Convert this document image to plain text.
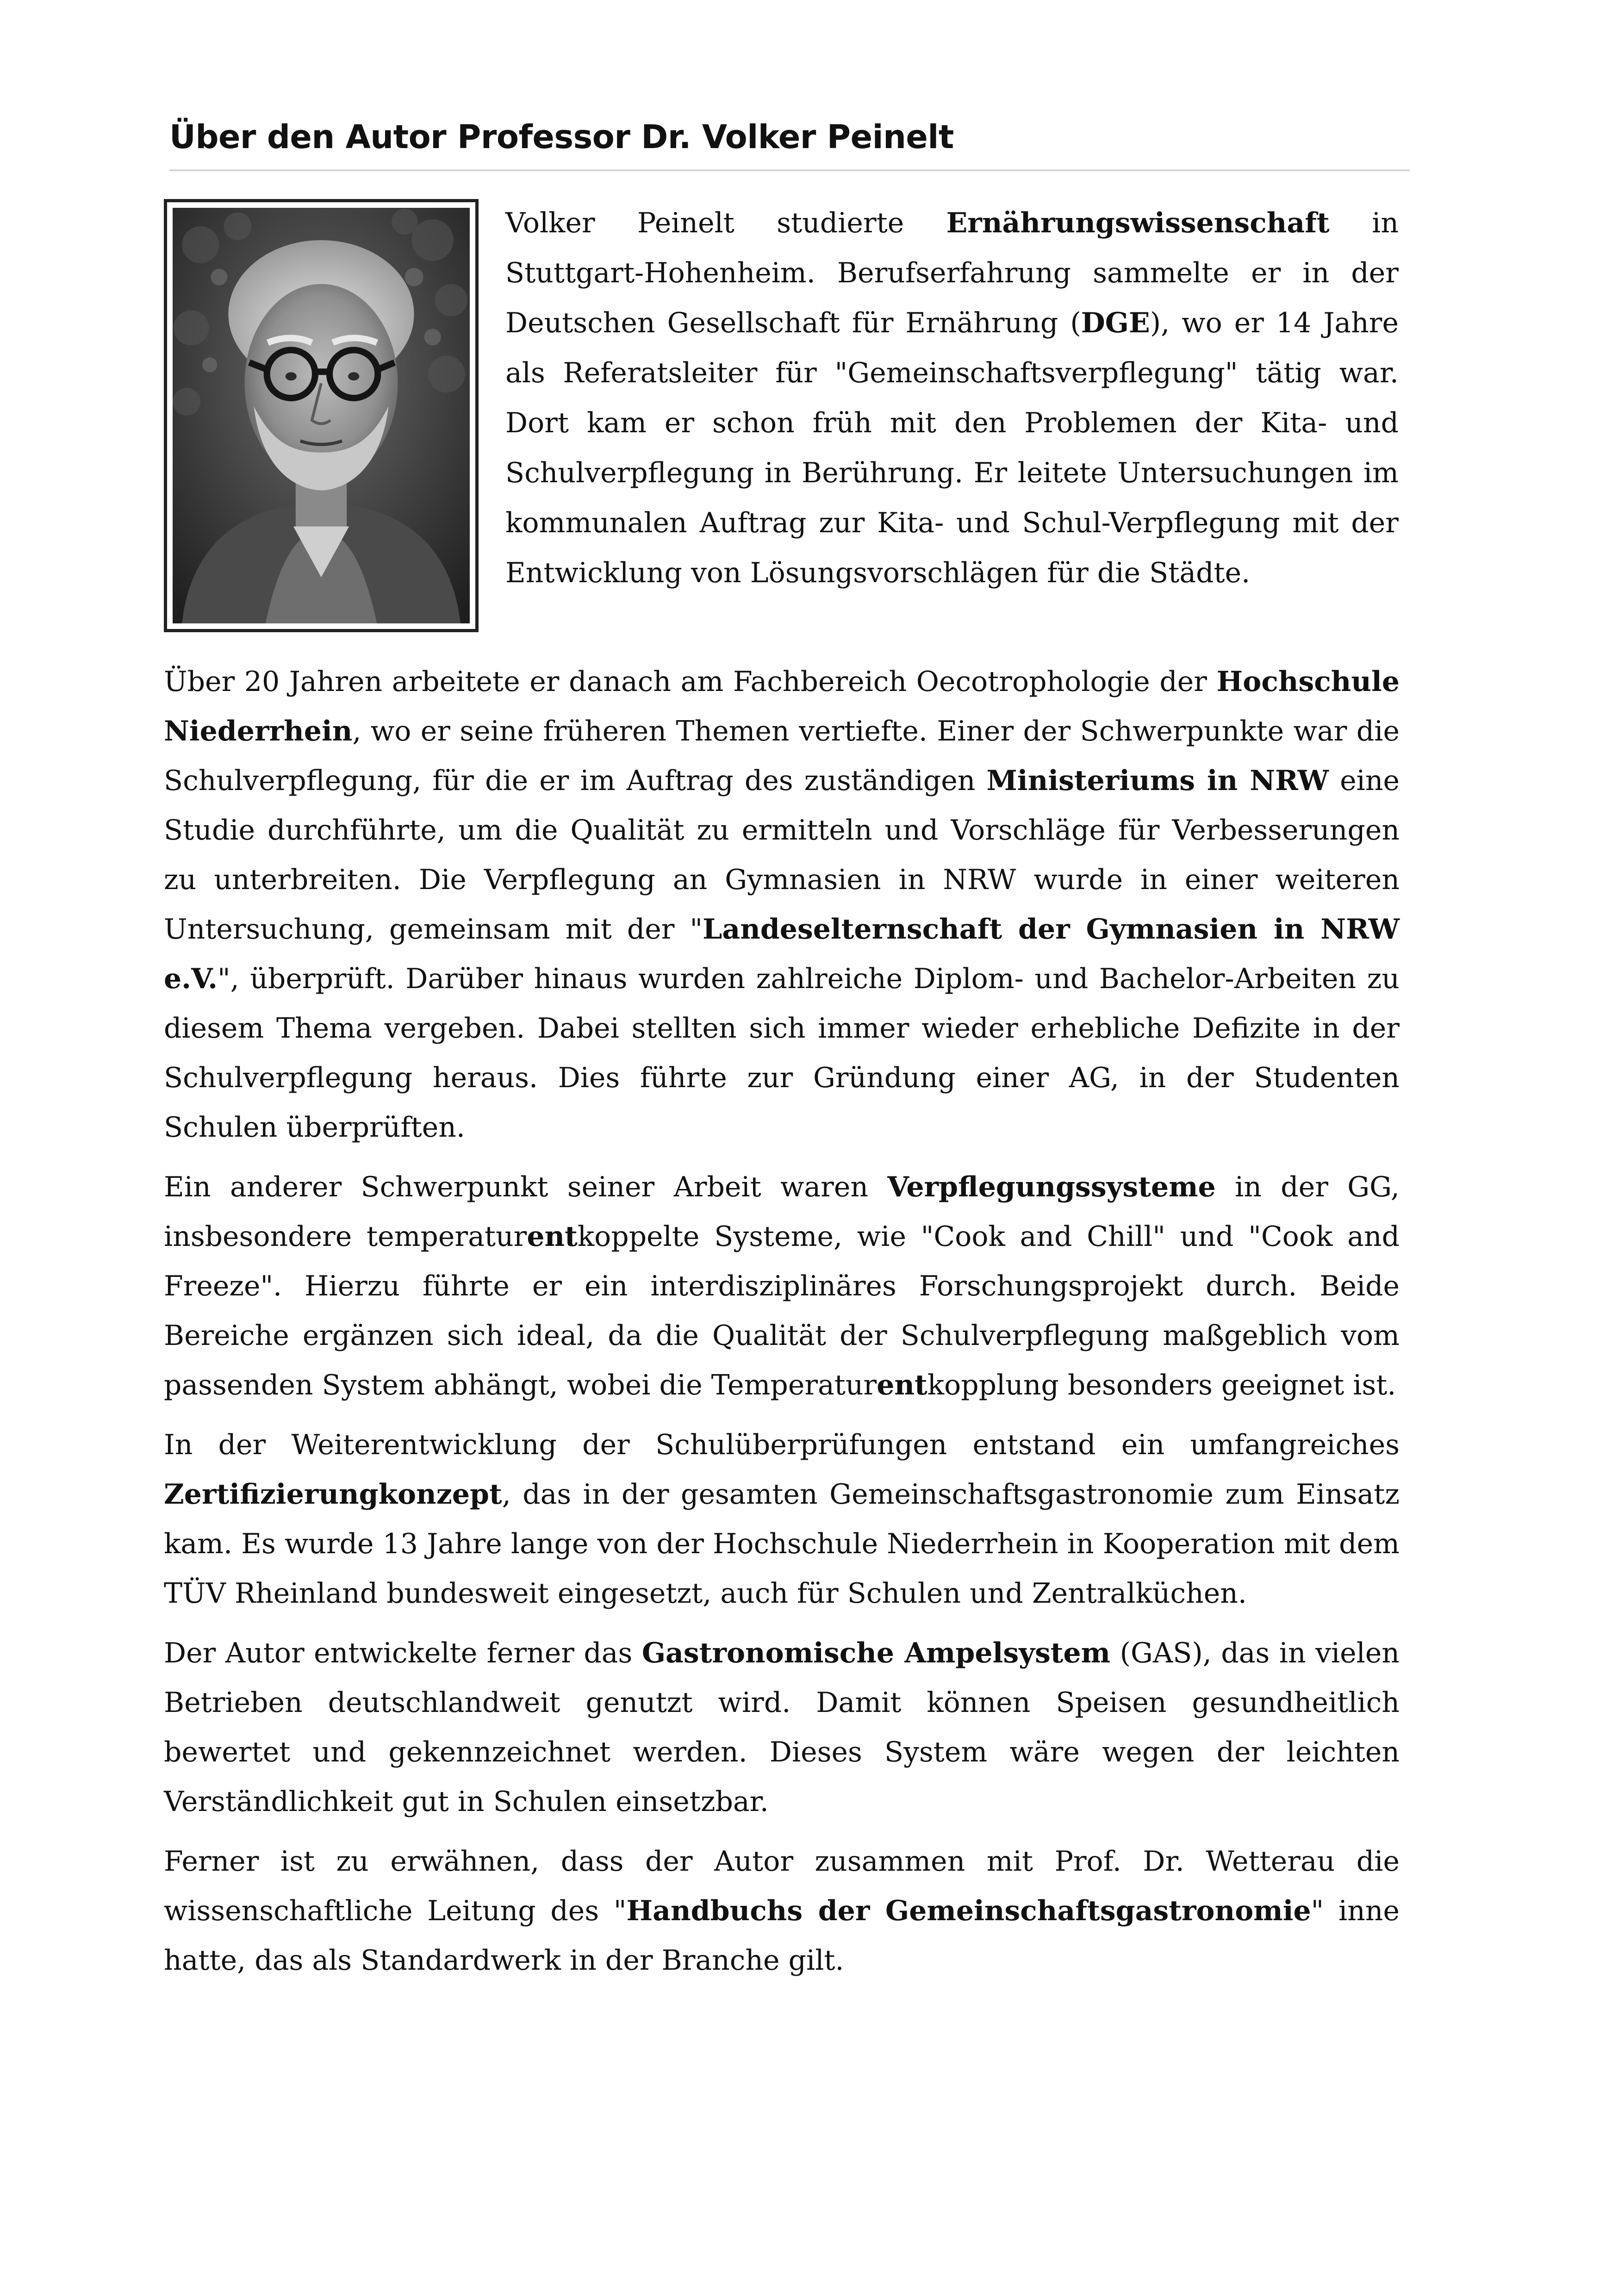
Über den Autor Professor Dr. Volker Peinelt

Volker Peinelt studierte Ernährungswissenschaft in Stuttgart-Hohenheim. Berufserfahrung sammelte er in der Deutschen Gesellschaft für Ernährung (DGE), wo er 14 Jahre als Referatsleiter für "Gemeinschaftsverpflegung" tätig war. Dort kam er schon früh mit den Problemen der Kita- und Schulverpflegung in Berührung. Er leitete Untersuchungen im kommunalen Auftrag zur Kita- und Schul-Verpflegung mit der Entwicklung von Lösungsvorschlägen für die Städte.

Über 20 Jahren arbeitete er danach am Fachbereich Oecotrophologie der Hochschule Niederrhein, wo er seine früheren Themen vertiefte. Einer der Schwerpunkte war die Schulverpflegung, für die er im Auftrag des zuständigen Ministeriums in NRW eine Studie durchführte, um die Qualität zu ermitteln und Vorschläge für Verbesserungen zu unterbreiten. Die Verpflegung an Gymnasien in NRW wurde in einer weiteren Untersuchung, gemeinsam mit der "Landeselternschaft der Gymnasien in NRW e.V.", überprüft. Darüber hinaus wurden zahlreiche Diplom- und Bachelor-Arbeiten zu diesem Thema vergeben. Dabei stellten sich immer wieder erhebliche Defizite in der Schulverpflegung heraus. Dies führte zur Gründung einer AG, in der Studenten Schulen überprüften.

Ein anderer Schwerpunkt seiner Arbeit waren Verpflegungssysteme in der GG, insbesondere temperaturentkoppelte Systeme, wie "Cook and Chill" und "Cook and Freeze". Hierzu führte er ein interdisziplinäres Forschungsprojekt durch. Beide Bereiche ergänzen sich ideal, da die Qualität der Schulverpflegung maßgeblich vom passenden System abhängt, wobei die Temperaturentkopplung besonders geeignet ist.

In der Weiterentwicklung der Schulüberprüfungen entstand ein umfangreiches Zertifizierungkonzept, das in der gesamten Gemeinschaftsgastronomie zum Einsatz kam. Es wurde 13 Jahre lange von der Hochschule Niederrhein in Kooperation mit dem TÜV Rheinland bundesweit eingesetzt, auch für Schulen und Zentralküchen.

Der Autor entwickelte ferner das Gastronomische Ampelsystem (GAS), das in vielen Betrieben deutschlandweit genutzt wird. Damit können Speisen gesundheitlich bewertet und gekennzeichnet werden. Dieses System wäre wegen der leichten Verständlichkeit gut in Schulen einsetzbar.

Ferner ist zu erwähnen, dass der Autor zusammen mit Prof. Dr. Wetterau die wissenschaftliche Leitung des "Handbuchs der Gemeinschaftsgastronomie" inne hatte, das als Standardwerk in der Branche gilt.
